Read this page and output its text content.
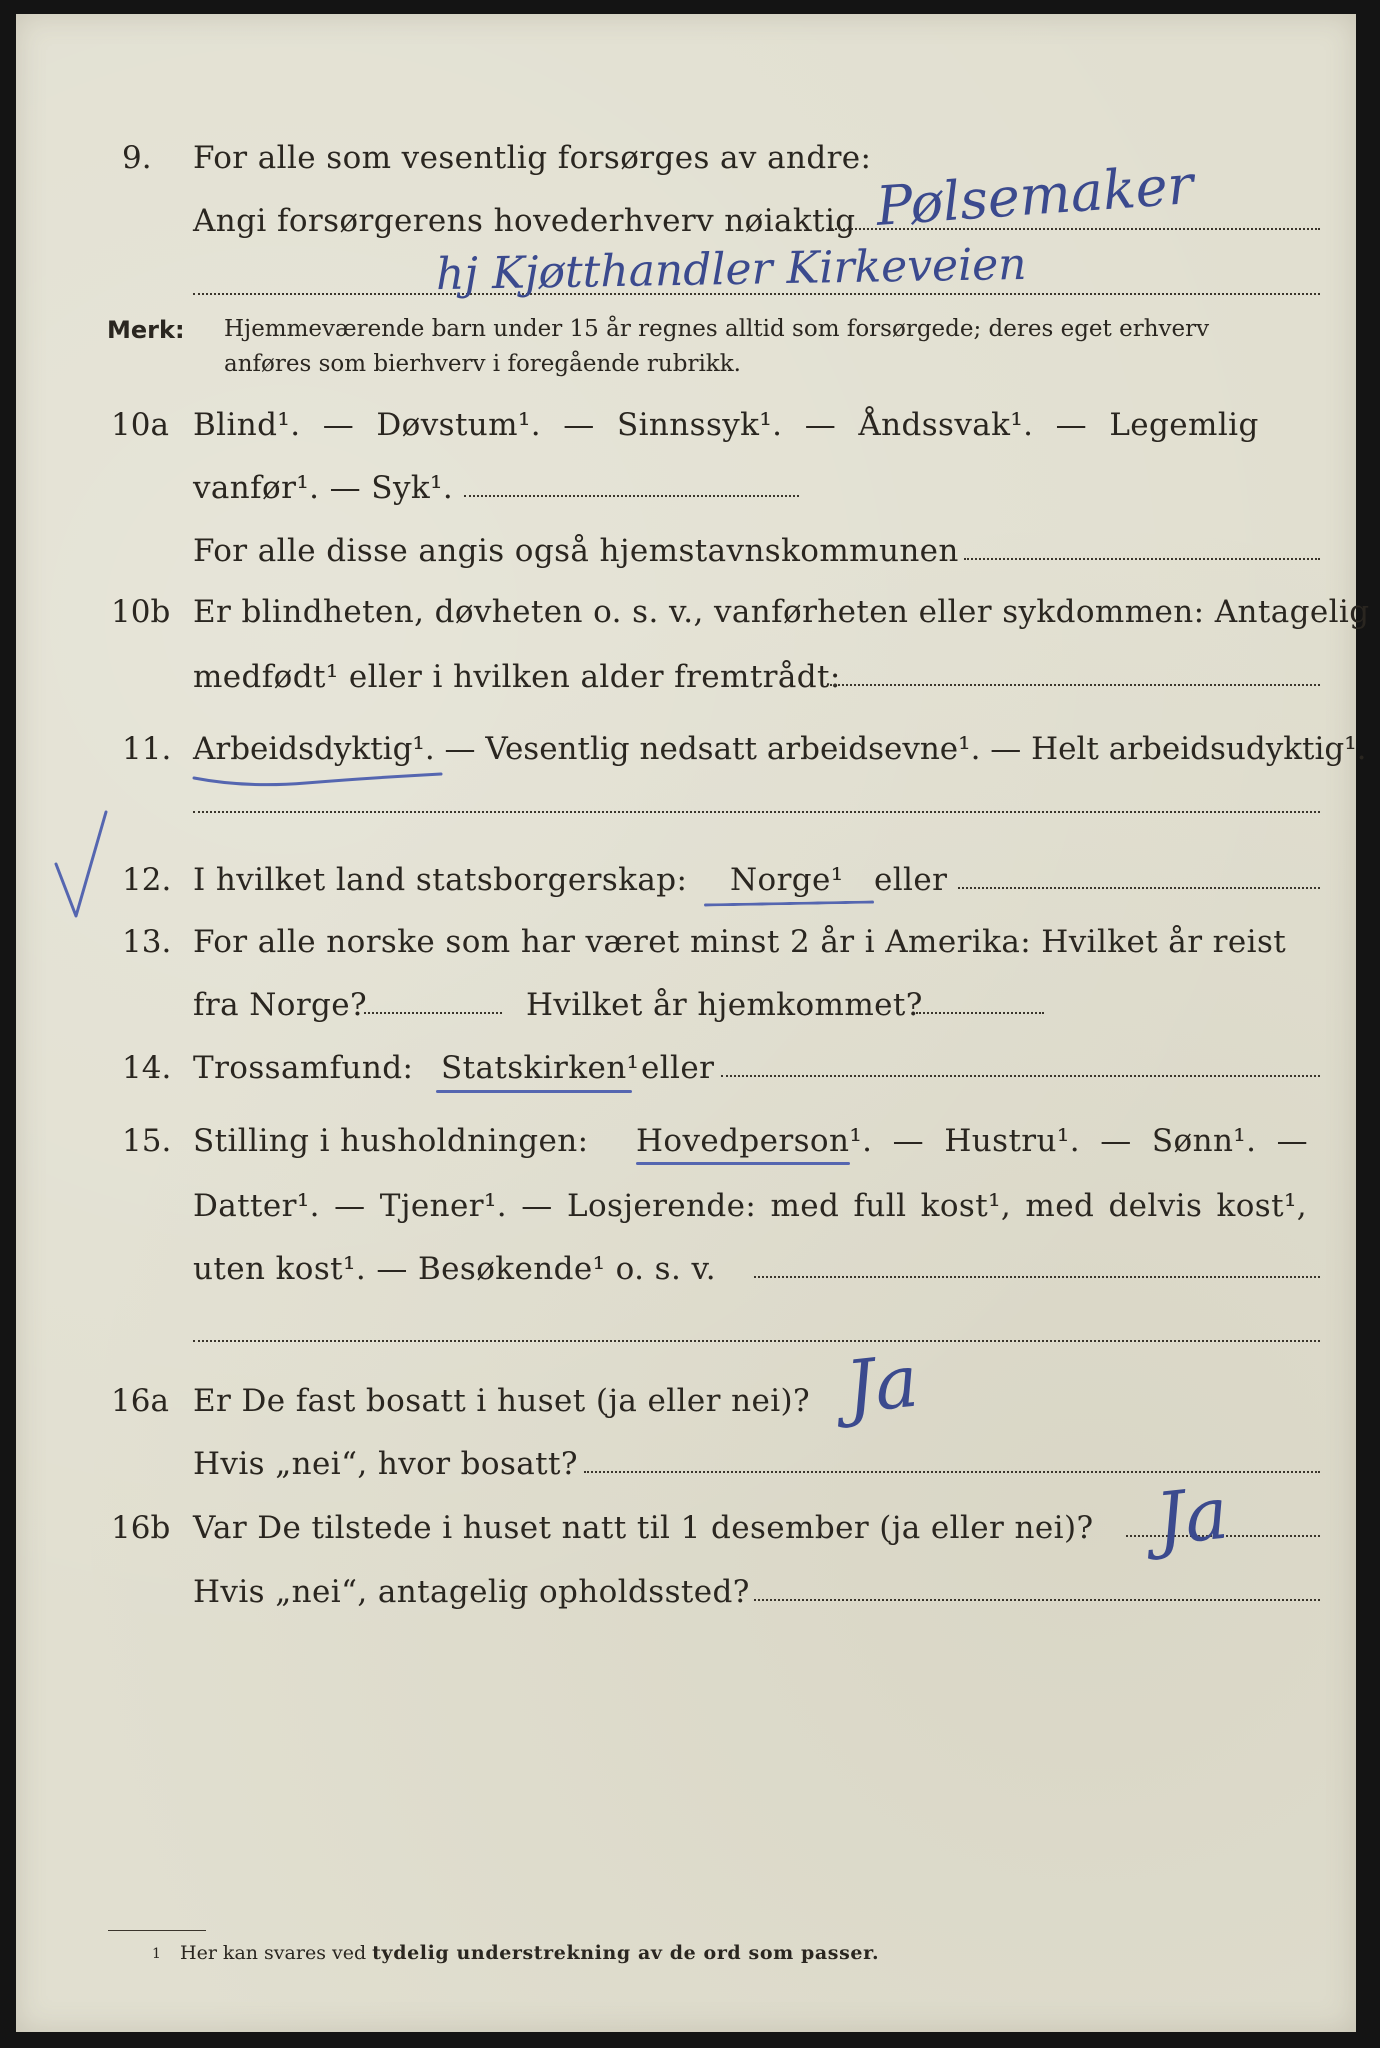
9. For alle som vesentlig forsørges av andre:
Angi forsørgerens hovederhverv nøiaktig Pølsemaker
hj Kjøtthandler Kirkeveien
Merk: Hjemmeværende barn under 15 år regnes alltid som forsørgede; deres eget erhverv
anføres som bierhverv i foregående rubrikk.
10a Blind¹. — Døvstum¹. — Sinnssyk¹. — Åndssvak¹. — Legemlig
vanfør¹. — Syk¹.
For alle disse angis også hjemstavnskommunen
10b Er blindheten, døvheten o. s. v., vanførheten eller sykdommen: Antagelig
medfødt¹ eller i hvilken alder fremtrådt:
11. Arbeidsdyktig¹. — Vesentlig nedsatt arbeidsevne¹. — Helt arbeidsudyktig¹.
12. I hvilket land statsborgerskap: Norge¹ eller
13. For alle norske som har været minst 2 år i Amerika: Hvilket år reist
fra Norge?	Hvilket år hjemkommet?
14. Trossamfund: Statskirken¹ eller
15. Stilling i husholdningen: Hovedperson¹. — Hustru¹. — Sønn¹. —
Datter¹. — Tjener¹. — Losjerende: med full kost¹, med delvis kost¹,
uten kost¹. — Besøkende¹ o. s. v.
16a Er De fast bosatt i huset (ja eller nei)? Ja
Hvis „nei“, hvor bosatt?
16b Var De tilstede i huset natt til 1 desember (ja eller nei)? Ja
Hvis „nei“, antagelig opholdssted?
1 Her kan svares ved tydelig understrekning av de ord som passer.
